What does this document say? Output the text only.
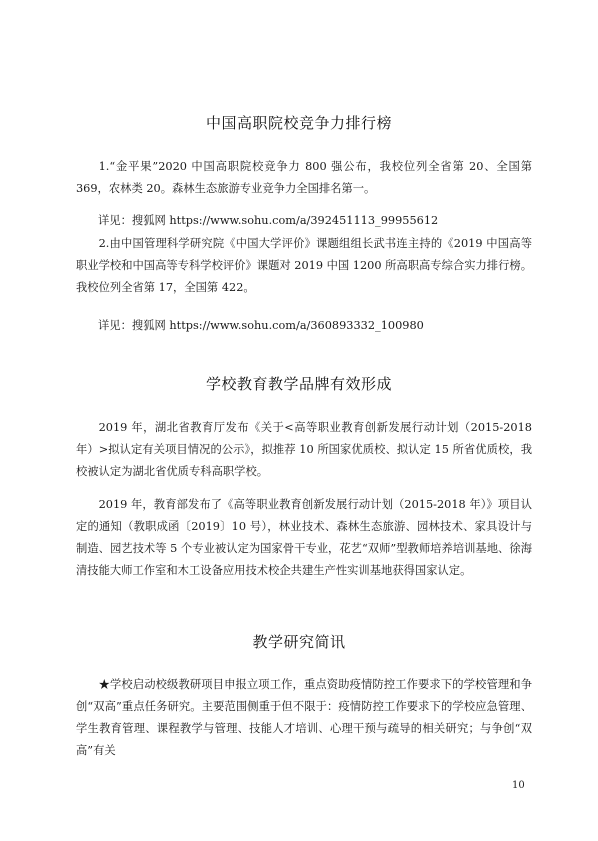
中国高职院校竞争力排行榜

1.“金平果”2020 中国高职院校竞争力 800 强公布，我校位列全省第 20、全国第 369，农林类 20。森林生态旅游专业竞争力全国排名第一。

详见：搜狐网 https://www.sohu.com/a/392451113_99955612

2.由中国管理科学研究院《中国大学评价》课题组组长武书连主持的《2019 中国高等职业学校和中国高等专科学校评价》课题对 2019 中国 1200 所高职高专综合实力排行榜。我校位列全省第 17，全国第 422。

详见：搜狐网 https://www.sohu.com/a/360893332_100980

学校教育教学品牌有效形成

2019 年，湖北省教育厅发布《关于<高等职业教育创新发展行动计划（2015-2018 年）>拟认定有关项目情况的公示》，拟推荐 10 所国家优质校、拟认定 15 所省优质校，我校被认定为湖北省优质专科高职学校。

2019 年，教育部发布了《高等职业教育创新发展行动计划（2015-2018 年）》项目认定的通知（教职成函〔2019〕10 号），林业技术、森林生态旅游、园林技术、家具设计与制造、园艺技术等 5 个专业被认定为国家骨干专业，花艺“双师”型教师培养培训基地、徐海清技能大师工作室和木工设备应用技术校企共建生产性实训基地获得国家认定。

教学研究简讯

★学校启动校级教研项目申报立项工作，重点资助疫情防控工作要求下的学校管理和争创“双高”重点任务研究。主要范围侧重于但不限于：疫情防控工作要求下的学校应急管理、学生教育管理、课程教学与管理、技能人才培训、心理干预与疏导的相关研究；与争创“双高”有关

10
